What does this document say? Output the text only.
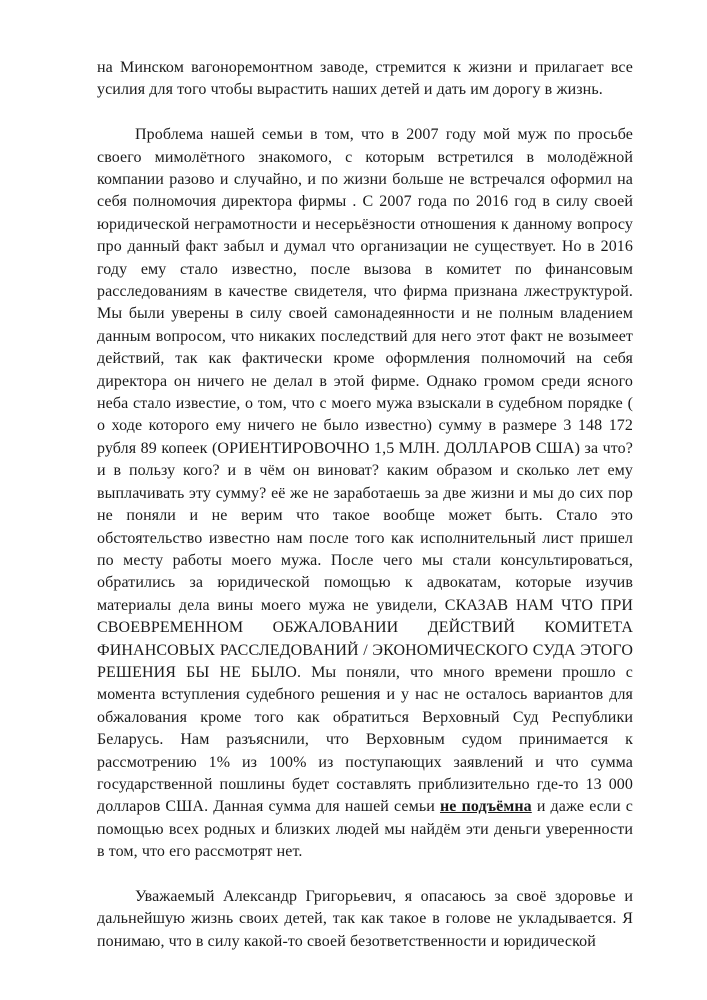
на Минском вагоноремонтном заводе, стремится к жизни и прилагает все усилия для того чтобы вырастить наших детей и дать им дорогу в жизнь.

Проблема нашей семьи в том, что в 2007 году мой муж по просьбе своего мимолётного знакомого, с которым встретился в молодёжной компании разово и случайно, и по жизни больше не встречался оформил на себя полномочия директора фирмы . С 2007 года по 2016 год в силу своей юридической неграмотности и несерьёзности отношения к данному вопросу про данный факт забыл и думал что организации не существует. Но в 2016 году ему стало известно, после вызова в комитет по финансовым расследованиям в качестве свидетеля, что фирма признана лжеструктурой. Мы были уверены в силу своей самонадеянности и не полным владением данным вопросом, что никаких последствий для него этот факт не возымеет действий, так как фактически кроме оформления полномочий на себя директора он ничего не делал в этой фирме. Однако громом среди ясного неба стало известие, о том, что с моего мужа взыскали в судебном порядке ( о ходе которого ему ничего не было известно) сумму в размере 3 148 172 рубля 89 копеек (ОРИЕНТИРОВОЧНО 1,5 МЛН. ДОЛЛАРОВ США) за что? и в пользу кого? и в чём он виноват? каким образом и сколько лет ему выплачивать эту сумму? её же не заработаешь за две жизни и мы до сих пор не поняли и не верим что такое вообще может быть. Стало это обстоятельство известно нам после того как исполнительный лист пришел по месту работы моего мужа. После чего мы стали консультироваться, обратились за юридической помощью к адвокатам, которые изучив материалы дела вины моего мужа не увидели, СКАЗАВ НАМ ЧТО ПРИ СВОЕВРЕМЕННОМ ОБЖАЛОВАНИИ ДЕЙСТВИЙ КОМИТЕТА ФИНАНСОВЫХ РАССЛЕДОВАНИЙ / ЭКОНОМИЧЕСКОГО СУДА ЭТОГО РЕШЕНИЯ БЫ НЕ БЫЛО. Мы поняли, что много времени прошло с момента вступления судебного решения и у нас не осталось вариантов для обжалования кроме того как обратиться Верховный Суд Республики Беларусь. Нам разъяснили, что Верховным судом принимается к рассмотрению 1% из 100% из поступающих заявлений и что сумма государственной пошлины будет составлять приблизительно где-то 13 000 долларов США. Данная сумма для нашей семьи не подъёмна и даже если с помощью всех родных и близких людей мы найдём эти деньги уверенности в том, что его рассмотрят нет.

Уважаемый Александр Григорьевич, я опасаюсь за своё здоровье и дальнейшую жизнь своих детей, так как такое в голове не укладывается. Я понимаю, что в силу какой-то своей безответственности и юридической
